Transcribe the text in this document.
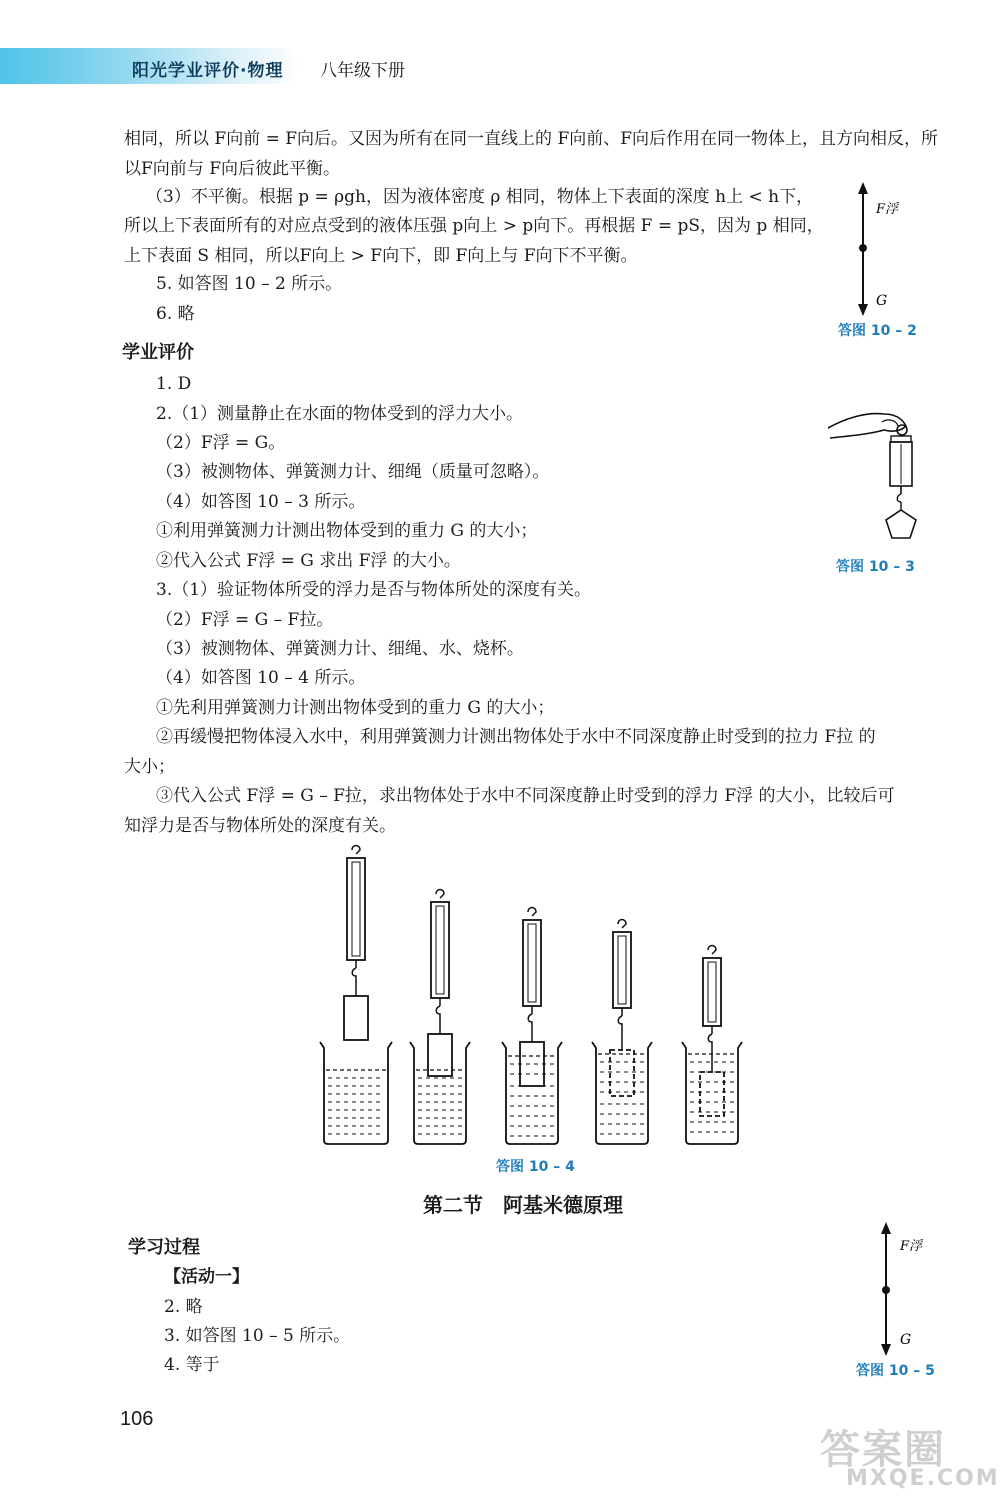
阳光学业评价·物理 八年级下册
相同，所以 F向前 = F向后。又因为所有在同一直线上的 F向前、F向后作用在同一物体上，且方向相反，所
以F向前与 F向后彼此平衡。
（3）不平衡。根据 p = ρgh，因为液体密度 ρ 相同，物体上下表面的深度 h上 < h下，
所以上下表面所有的对应点受到的液体压强 p向上 > p向下。再根据 F = pS，因为 p 相同，
上下表面 S 相同，所以F向上 > F向下，即 F向上与 F向下不平衡。
5. 如答图 10 – 2 所示。
6. 略
学业评价
1. D
2.（1）测量静止在水面的物体受到的浮力大小。
（2）F浮 = G。
（3）被测物体、弹簧测力计、细绳（质量可忽略）。
（4）如答图 10 – 3 所示。
①利用弹簧测力计测出物体受到的重力 G 的大小；
②代入公式 F浮 = G 求出 F浮 的大小。
3.（1）验证物体所受的浮力是否与物体所处的深度有关。
（2）F浮 = G – F拉。
（3）被测物体、弹簧测力计、细绳、水、烧杯。
（4）如答图 10 – 4 所示。
①先利用弹簧测力计测出物体受到的重力 G 的大小；
②再缓慢把物体浸入水中，利用弹簧测力计测出物体处于水中不同深度静止时受到的拉力 F拉 的
大小；
③代入公式 F浮 = G – F拉，求出物体处于水中不同深度静止时受到的浮力 F浮 的大小，比较后可
知浮力是否与物体所处的深度有关。
第二节　阿基米德原理
学习过程
【活动一】
2. 略
3. 如答图 10 – 5 所示。
4. 等于
F浮
G
答图 10 – 2
答图 10 – 3
答图 10 – 4
F浮
G
答图 10 – 5
106
答案圈
MXQE.COM
